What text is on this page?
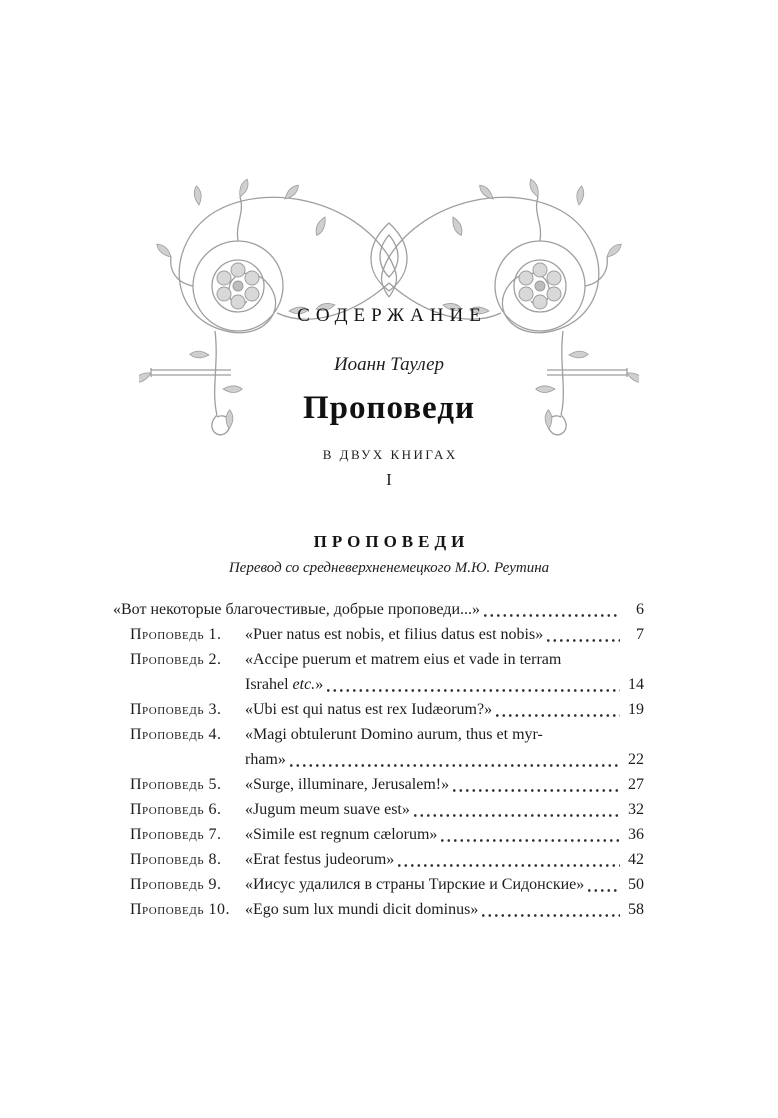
СОДЕРЖАНИЕ
Иоанн Таулер
Проповеди
В ДВУХ КНИГАХ
I
ПРОПОВЕДИ
Перевод со средневерхненемецкого М.Ю. Реутина
«Вот некоторые благочестивые, добрые проповеди...»	6
Проповедь 1.	«Puer natus est nobis, et filius datus est nobis»	7
Проповедь 2.	«Accipe puerum et matrem eius et vade in terram
Israhel etc.»	14
Проповедь 3.	«Ubi est qui natus est rex Iudæorum?»	19
Проповедь 4.	«Magi obtulerunt Domino aurum, thus et myr-
rham»	22
Проповедь 5.	«Surge, illuminare, Jerusalem!»	27
Проповедь 6.	«Jugum meum suave est»	32
Проповедь 7.	«Simile est regnum cælorum»	36
Проповедь 8.	«Erat festus judeorum»	42
Проповедь 9.	«Иисус удалился в страны Тирские и Сидонские»	50
Проповедь 10. «Ego sum lux mundi dicit dominus»	58
